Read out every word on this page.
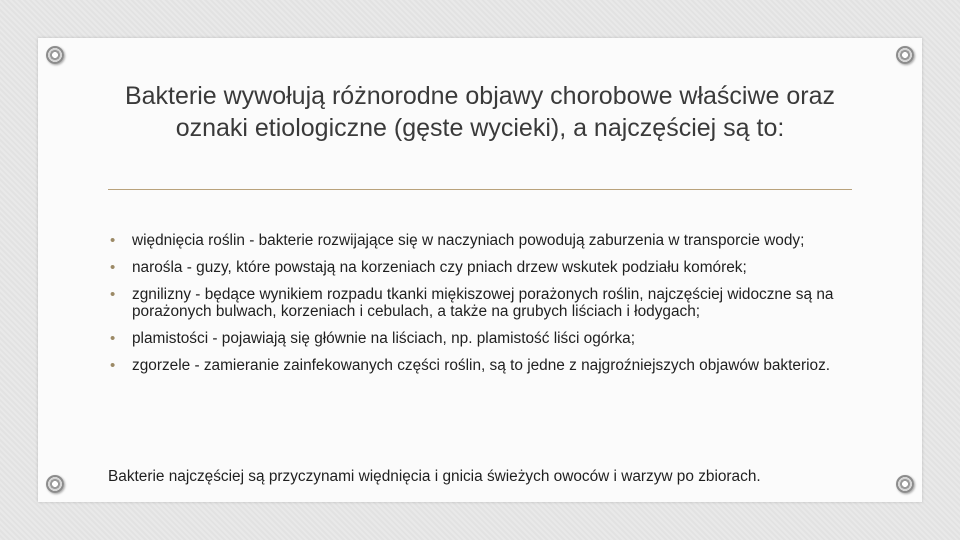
Bakterie wywołują różnorodne objawy chorobowe właściwe oraz oznaki etiologiczne (gęste wycieki), a najczęściej są to:
• więdnięcia roślin - bakterie rozwijające się w naczyniach powodują zaburzenia w transporcie wody;
• narośla - guzy, które powstają na korzeniach czy pniach drzew wskutek podziału komórek;
• zgnilizny - będące wynikiem rozpadu tkanki miękiszowej porażonych roślin, najczęściej widoczne są na porażonych bulwach, korzeniach i cebulach, a także na grubych liściach i łodygach;
• plamistości - pojawiają się głównie na liściach, np. plamistość liści ogórka;
• zgorzele - zamieranie zainfekowanych części roślin, są to jedne z najgroźniejszych objawów bakterioz.

Bakterie najczęściej są przyczynami więdnięcia i gnicia świeżych owoców i warzyw po zbiorach.
